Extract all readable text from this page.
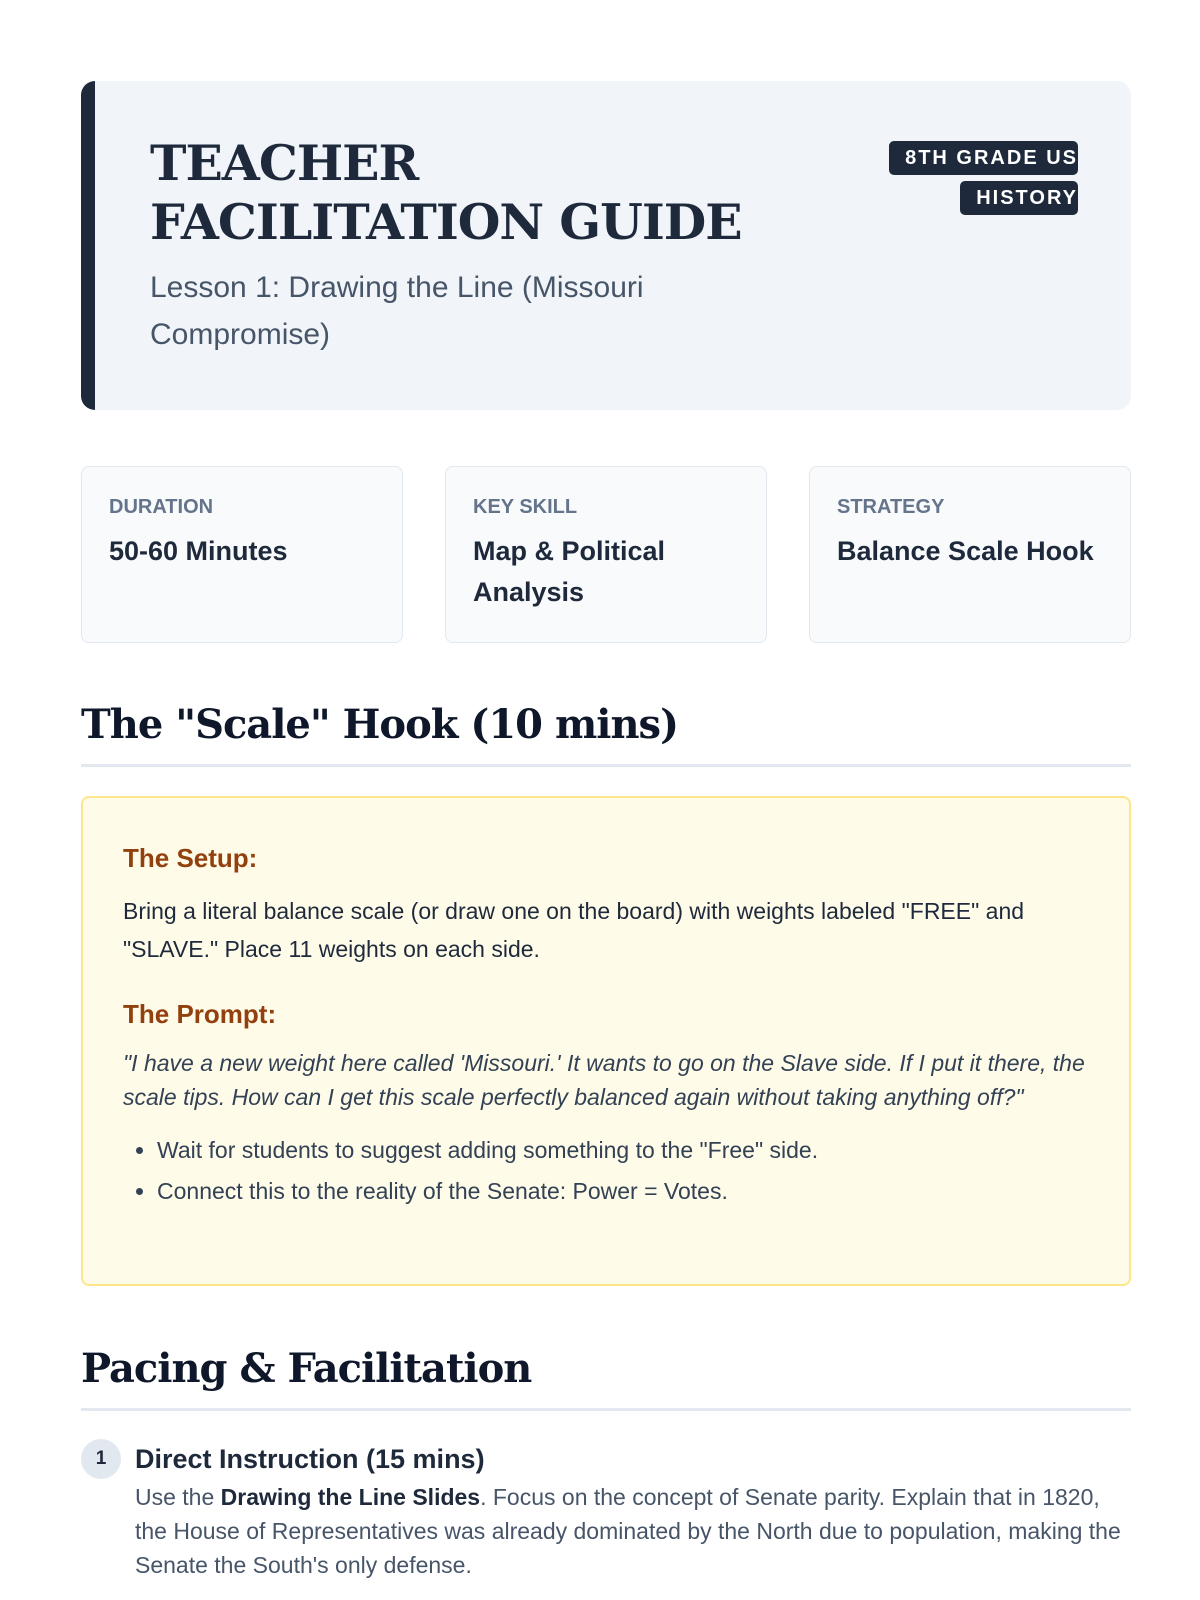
TEACHER FACILITATION GUIDE
Lesson 1: Drawing the Line (Missouri Compromise)
8TH GRADE US HISTORY
DURATION
50-60 Minutes
KEY SKILL
Map & Political Analysis
STRATEGY
Balance Scale Hook
The "Scale" Hook (10 mins)

The Setup:

Bring a literal balance scale (or draw one on the board) with weights labeled "FREE" and "SLAVE." Place 11 weights on each side.

The Prompt:

"I have a new weight here called 'Missouri.' It wants to go on the Slave side. If I put it there, the scale tips. How can I get this scale perfectly balanced again without taking anything off?"

• Wait for students to suggest adding something to the "Free" side.
• Connect this to the reality of the Senate: Power = Votes.
Pacing & Facilitation
1	Direct Instruction (15 mins)
Use the Drawing the Line Slides. Focus on the concept of Senate parity. Explain that in 1820, the House of Representatives was already dominated by the North due to population, making the Senate the South's only defense.
